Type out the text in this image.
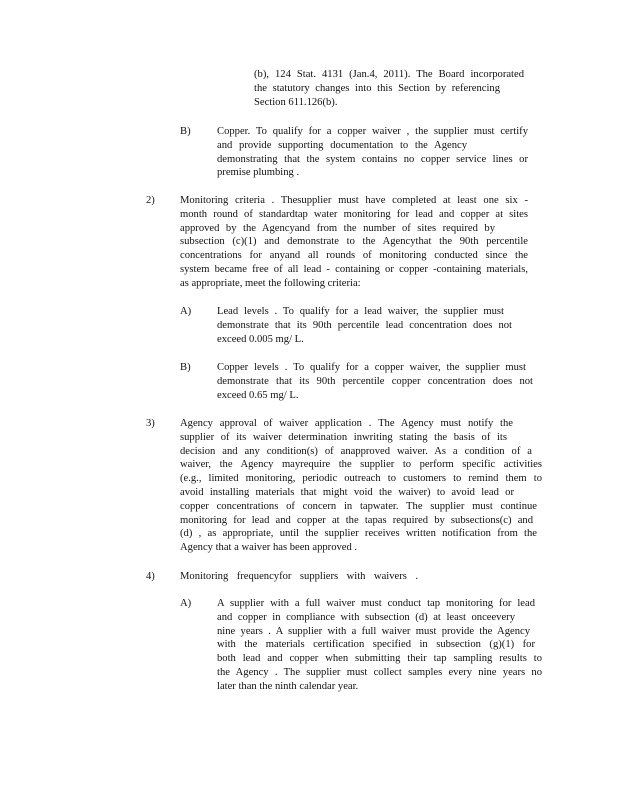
(b), 124 Stat. 4131 (Jan.4, 2011). The Board incorporated
the statutory changes into this Section by referencing
Section 611.126(b).
B) Copper. To qualify for a copper waiver , the supplier must certify
and provide supporting documentation to the Agency
demonstrating that the system contains no copper service lines or
premise plumbing .
2) Monitoring criteria . Thesupplier must have completed at least one six -
month round of standardtap water monitoring for lead and copper at sites
approved by the Agencyand from the number of sites required by
subsection (c)(1) and demonstrate to the Agencythat the 90th percentile
concentrations for anyand all rounds of monitoring conducted since the
system became free of all lead - containing or copper -containing materials,
as appropriate, meet the following criteria:
A) Lead levels . To qualify for a lead waiver, the supplier must
demonstrate that its 90th percentile lead concentration does not
exceed 0.005 mg/ L.
B) Copper levels . To qualify for a copper waiver, the supplier must
demonstrate that its 90th percentile copper concentration does not
exceed 0.65 mg/ L.
3) Agency approval of waiver application . The Agency must notify the
supplier of its waiver determination inwriting stating the basis of its
decision and any condition(s) of anapproved waiver. As a condition of a
waiver, the Agency mayrequire the supplier to perform specific activities
(e.g., limited monitoring, periodic outreach to customers to remind them to
avoid installing materials that might void the waiver) to avoid lead or
copper concentrations of concern in tapwater. The supplier must continue
monitoring for lead and copper at the tapas required by subsections(c) and
(d) , as appropriate, until the supplier receives written notification from the
Agency that a waiver has been approved .
4) Monitoring frequencyfor suppliers with waivers .
A) A supplier with a full waiver must conduct tap monitoring for lead
and copper in compliance with subsection (d) at least onceevery
nine years . A supplier with a full waiver must provide the Agency
with the materials certification specified in subsection (g)(1) for
both lead and copper when submitting their tap sampling results to
the Agency . The supplier must collect samples every nine years no
later than the ninth calendar year.
